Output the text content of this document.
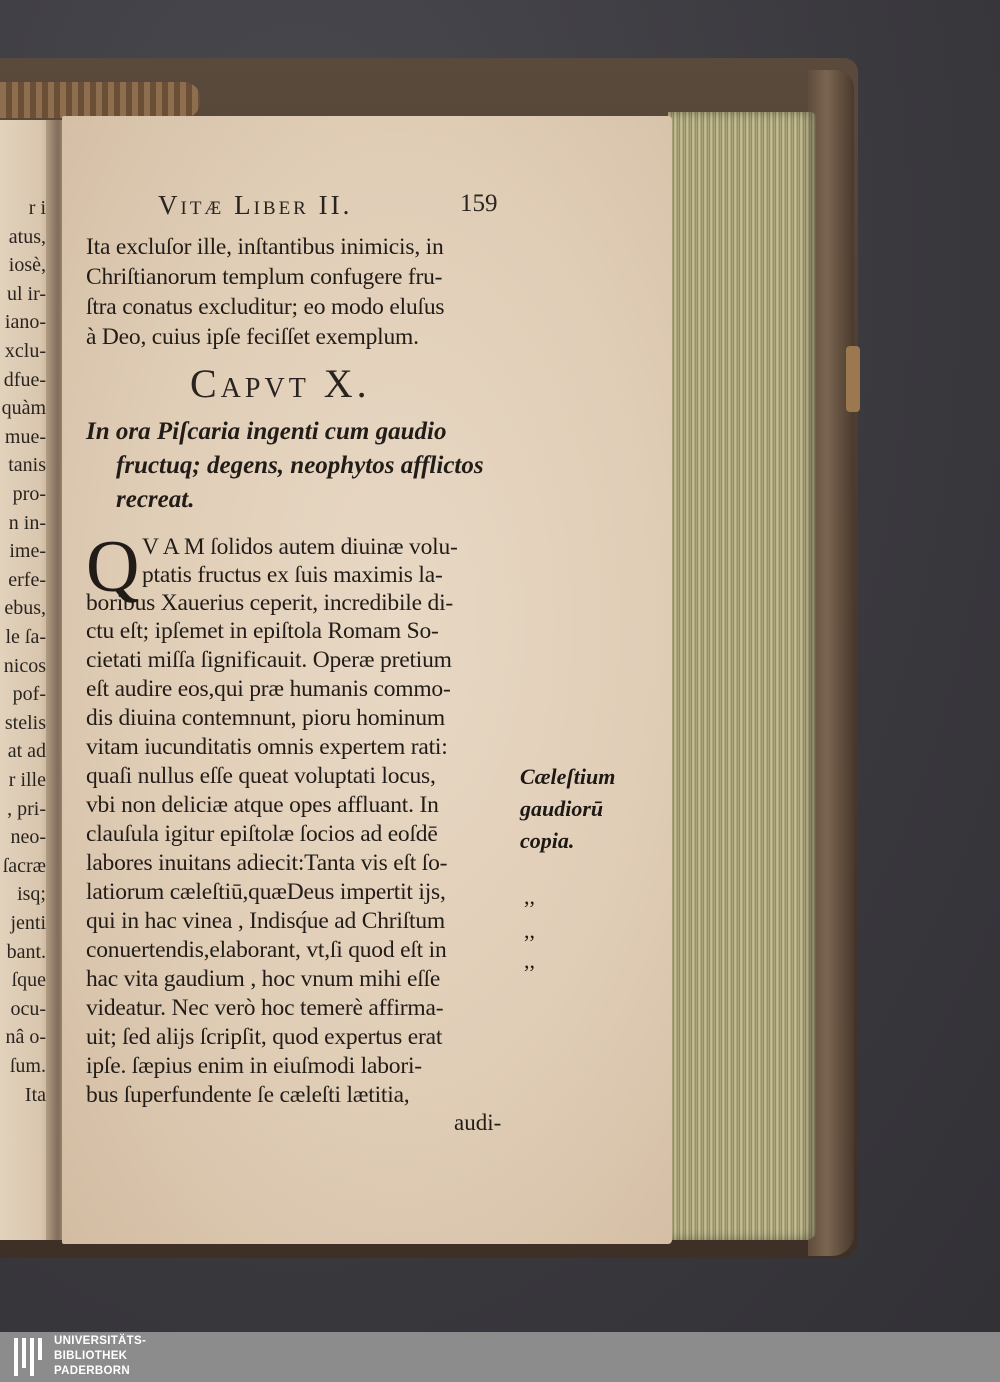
r i
atus,
iosè,
ul ir-
iano-
xclu-
dfue-
quàm
mue-
tanis
pro-
n in-
ime-
erfe-
ebus,
le ſa-
nicos
pof-
stelis
at ad
r ille
, pri-
neo-
ſacræ
isq;
jenti
bant.
ſque
ocu-
nâ o-
ſum.
Ita
Vitæ Liber II.	159
Ita excluſor ille, inſtantibus inimicis, in
Chriſtianorum templum confugere fru-
ſtra conatus excluditur; eo modo eluſus
à Deo, cuius ipſe feciſſet exemplum.
Capvt X.
In ora Piſcaria ingenti cum gaudio
fructuq; degens, neophytos afflictos
recreat.
Q V A M ſolidos autem diuinæ volu-
ptatis fructus ex ſuis maximis la-
boribus Xauerius ceperit, incredibile di-
ctu eſt; ipſemet in epiſtola Romam So-
cietati miſſa ſignificauit. Operæ pretium
eſt audire eos,qui præ humanis commo-
dis diuina contemnunt, pioru hominum
vitam iucunditatis omnis expertem rati:
quaſi nullus eſſe queat voluptati locus,
vbi non deliciæ atque opes affluant. In
clauſula igitur epiſtolæ ſocios ad eoſdē
labores inuitans adiecit:Tanta vis eſt ſo-
latiorum cæleſtiū,quæDeus impertit ijs,
qui in hac vinea , Indisq́ue ad Chriſtum
conuertendis,elaborant, vt,ſi quod eſt in
hac vita gaudium , hoc vnum mihi eſſe
videatur. Nec verò hoc temerè affirma-
uit; ſed alijs ſcripſit, quod expertus erat
ipſe. ſæpius enim in eiuſmodi labori-
bus ſuperfundente ſe cæleſti lætitia,
audi-
Cæleſtium
gaudiorū
copia.
,,
,,
,,
UNIVERSITÄTS-
BIBLIOTHEK
PADERBORN
